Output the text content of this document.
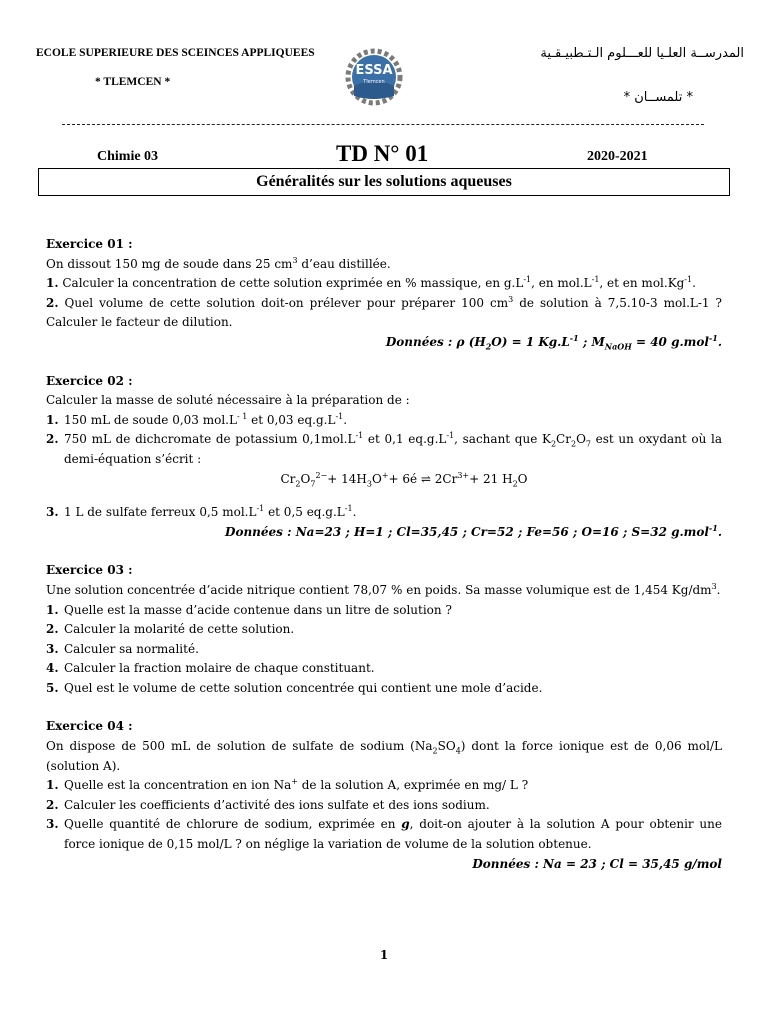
ECOLE SUPERIEURE DES SCEINCES APPLIQUEES
* TLEMCEN *
المدرســة العلـيا للعـــلوم الـتـطبيـقـية
* تلمســان *
ESSA
Tlemcen
Chimie 03	TD N° 01	2020-2021
Généralités sur les solutions aqueuses
Exercice 01 :
On dissout 150 mg de soude dans 25 $cm^3$ d’eau distillée.
1. Calculer la concentration de cette solution exprimée en % massique, en $g.L^{-1}$, en $mol.L^{-1}$, et en $mol.Kg^{-1}$.
2. Quel volume de cette solution doit-on prélever pour préparer 100 $cm^3$ de solution à 7,5.10-3 mol.L-1 ? Calculer le facteur de dilution.
Données : ρ $(H_2O) = 1$ $Kg.L^{-1}$ ; $M_{NaOH} = 40$ g.mol$^{-1}$.
Exercice 02 :
Calculer la masse de soluté nécessaire à la préparation de :
1. 150 mL de soude 0,03 $mol.L^{- 1}$ et 0,03 $eq.g.L^{-1}$.
2. 750 mL de dichcromate de potassium $0,1mol.L^{-1}$ et 0,1 $eq.g.L^{-1}$, sachant que $K_2Cr_2O_7$ est un oxydant où la demi-équation s’écrit :
$Cr_2O_7^{2-}+ 14H_3O^++$ 6é ⇌ $2Cr^{3+}+ 21$ $H_2O$
3. 1 L de sulfate ferreux 0,5 $mol.L^{-1}$ et 0,5 $eq.g.L^{-1}$.
Données : Na=23 ; H=1 ; Cl=35,45 ; Cr=52 ; Fe=56 ; O=16 ; S=32 g.mol$^{-1}$.
Exercice 03 :
Une solution concentrée d’acide nitrique contient 78,07 % en poids. Sa masse volumique est de 1,454 $Kg/dm^3$.
1. Quelle est la masse d’acide contenue dans un litre de solution ?
2. Calculer la molarité de cette solution.
3. Calculer sa normalité.
4. Calculer la fraction molaire de chaque constituant.
5. Quel est le volume de cette solution concentrée qui contient une mole d’acide.
Exercice 04 :
On dispose de 500 mL de solution de sulfate de sodium $(Na_2SO_4)$ dont la force ionique est de 0,06 mol/L (solution A).
1. Quelle est la concentration en ion Na+ de la solution A, exprimée en mg/ L ?
2. Calculer les coefficients d’activité des ions sulfate et des ions sodium.
3. Quelle quantité de chlorure de sodium, exprimée en g, doit-on ajouter à la solution A pour obtenir une force ionique de 0,15 mol/L ? on néglige la variation de volume de la solution obtenue.
Données : Na = 23 ; Cl = 35,45 g/mol
1
